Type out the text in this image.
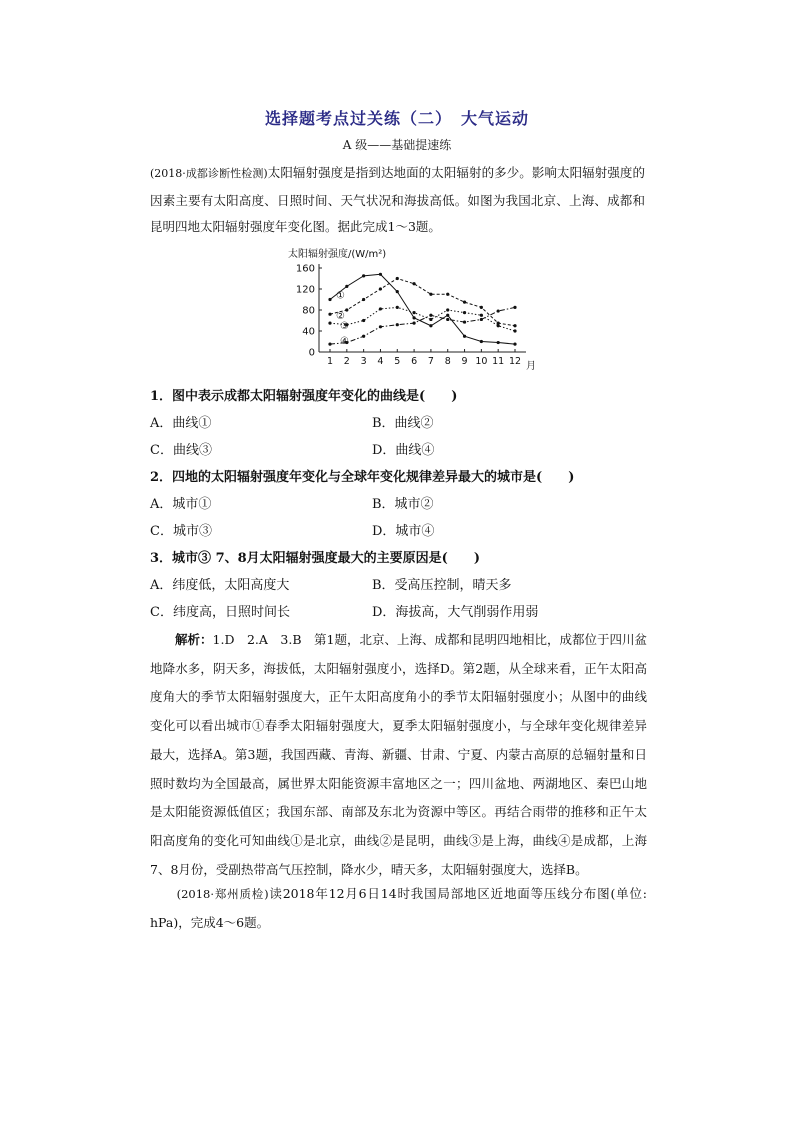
选择题考点过关练（二）　大气运动
A 级——基础提速练

(2018·成都诊断性检测)太阳辐射强度是指到达地面的太阳辐射的多少。影响太阳辐射强度的因素主要有太阳高度、日照时间、天气状况和海拔高低。如图为我国北京、上海、成都和昆明四地太阳辐射强度年变化图。据此完成1～3题。

太阳辐射强度/(W/m²)
0
40
80
120
160
1 2 3 4 5 6 7 8 9 10 11 12
①
②
③
④
月
1．图中表示成都太阳辐射强度年变化的曲线是(　　)
A．曲线①	B．曲线②
C．曲线③	D．曲线④
2．四地的太阳辐射强度年变化与全球年变化规律差异最大的城市是(　　)
A．城市①	B．城市②
C．城市③	D．城市④
3．城市③ 7、8月太阳辐射强度最大的主要原因是(　　)
A．纬度低，太阳高度大	B．受高压控制，晴天多
C．纬度高，日照时间长	D．海拔高，大气削弱作用弱

　　解析：1.D　2.A　3.B　第1题，北京、上海、成都和昆明四地相比，成都位于四川盆地降水多，阴天多，海拔低，太阳辐射强度小，选择D。第2题，从全球来看，正午太阳高度角大的季节太阳辐射强度大，正午太阳高度角小的季节太阳辐射强度小；从图中的曲线变化可以看出城市①春季太阳辐射强度大，夏季太阳辐射强度小，与全球年变化规律差异最大，选择A。第3题，我国西藏、青海、新疆、甘肃、宁夏、内蒙古高原的总辐射量和日照时数均为全国最高，属世界太阳能资源丰富地区之一；四川盆地、两湖地区、秦巴山地是太阳能资源低值区；我国东部、南部及东北为资源中等区。再结合雨带的推移和正午太阳高度角的变化可知曲线①是北京，曲线②是昆明，曲线③是上海，曲线④是成都，上海7、8月份，受副热带高气压控制，降水少，晴天多，太阳辐射强度大，选择B。

　　(2018·郑州质检)读2018年12月6日14时我国局部地区近地面等压线分布图(单位: hPa)，完成4～6题。
